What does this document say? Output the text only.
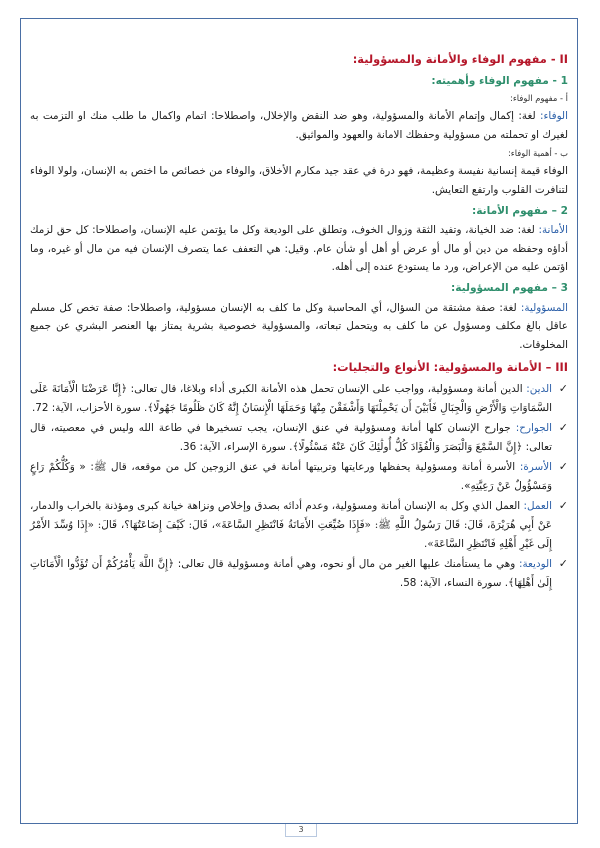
II - مفهوم الوفاء والأمانة والمسؤولية:

1 - مفهوم الوفاء وأهميته:

أ - مفهوم الوفاء:

الوفاء: لغة: إكمال وإتمام الأمانة والمسؤولية، وهو ضد النقض والإخلال، واصطلاحا: اتمام واكمال ما طلب منك او التزمت به لغيرك او تحملته من مسؤولية وحفظك الامانة والعهود والمواثيق.

ب - أهمية الوفاء:

الوفاء قيمة إنسانية نفيسة وعظيمة، فهو درة في عقد جيد مكارم الأخلاق، والوفاء من خصائص ما اختص به الإنسان، ولولا الوفاء لتنافرت القلوب وارتفع التعايش.

2 – مفهوم الأمانة:

الأمانة: لغة: ضد الخيانة، وتفيد الثقة وزوال الخوف، وتطلق على الوديعة وكل ما يؤتمن عليه الإنسان، واصطلاحا: كل حق لزمك أداؤه وحفظه من دين أو مال أو عرض أو أهل أو شأن عام. وقيل: هي التعفف عما يتصرف الإنسان فيه من مال أو غيره، وما اؤتمن عليه من الإعراض، ورد ما يستودع عنده إلى أهله.

3 – مفهوم المسؤولية:

المسؤولية: لغة: صفة مشتقة من السؤال، أي المحاسبة وكل ما كلف به الإنسان مسؤولية، واصطلاحا: صفة تخص كل مسلم عاقل بالغ مكلف ومسؤول عن ما كلف به ويتحمل تبعاته، والمسؤولية خصوصية بشرية يمتاز بها العنصر البشري عن جميع المخلوقات.

III – الأمانة والمسؤولية: الأنواع والتجليات:

✓
الدين: الدين أمانة ومسؤولية، وواجب على الإنسان تحمل هذه الأمانة الكبرى أداء وبلاغا، قال تعالى: ﴿إِنَّا عَرَضْنَا الْأَمَانَةَ عَلَى السَّمَاوَاتِ وَالْأَرْضِ وَالْجِبَالِ فَأَبَيْنَ أَن يَحْمِلْنَهَا وَأَشْفَقْنَ مِنْهَا وَحَمَلَهَا الْإِنسَانُ إِنَّهُ كَانَ ظَلُومًا جَهُولًا﴾. سورة الأحزاب، الآية: 72.
✓
الجوارح: جوارح الإنسان كلها أمانة ومسؤولية في عنق الإنسان، يجب تسخيرها في طاعة الله وليس في معصيته، قال تعالى: ﴿إِنَّ السَّمْعَ وَالْبَصَرَ وَالْفُؤَادَ كُلُّ أُولَٰئِكَ كَانَ عَنْهُ مَسْئُولًا﴾. سورة الإسراء، الآية: 36.
✓
الأسرة: الأسرة أمانة ومسؤولية يحفظها ورعايتها وتربيتها أمانة في عنق الزوجين كل من موقعه، قال ﷺ: « وَكُلُّكُمْ رَاعٍ وَمَسْؤُولٌ عَنْ رَعِيَّتِهِ».
✓
العمل: العمل الذي وكل به الإنسان أمانة ومسؤولية، وعدم أدائه بصدق وإخلاص ونزاهة خيانة كبرى ومؤذنة بالخراب والدمار، عَنْ أَبِي هُرَيْرَةَ، قَالَ: قَالَ رَسُولُ اللَّهِ ﷺ: «فَإِذَا ضُيِّعَتِ الأَمَانَةُ فَانْتَظِرِ السَّاعَةَ»، قَالَ: كَيْفَ إِضَاعَتُهَا؟، قَالَ: «إِذَا وُسِّدَ الأَمْرُ إِلَى غَيْرِ أَهْلِهِ فَانْتَظِرِ السَّاعَةَ».
✓
الوديعة: وهي ما يستأمنك عليها الغير من مال أو نحوه، وهي أمانة ومسؤولية قال تعالى: ﴿إِنَّ اللَّهَ يَأْمُرُكُمْ أَن تُؤَدُّوا الْأَمَانَاتِ إِلَىٰ أَهْلِهَا﴾. سورة النساء، الآية: 58.
3
